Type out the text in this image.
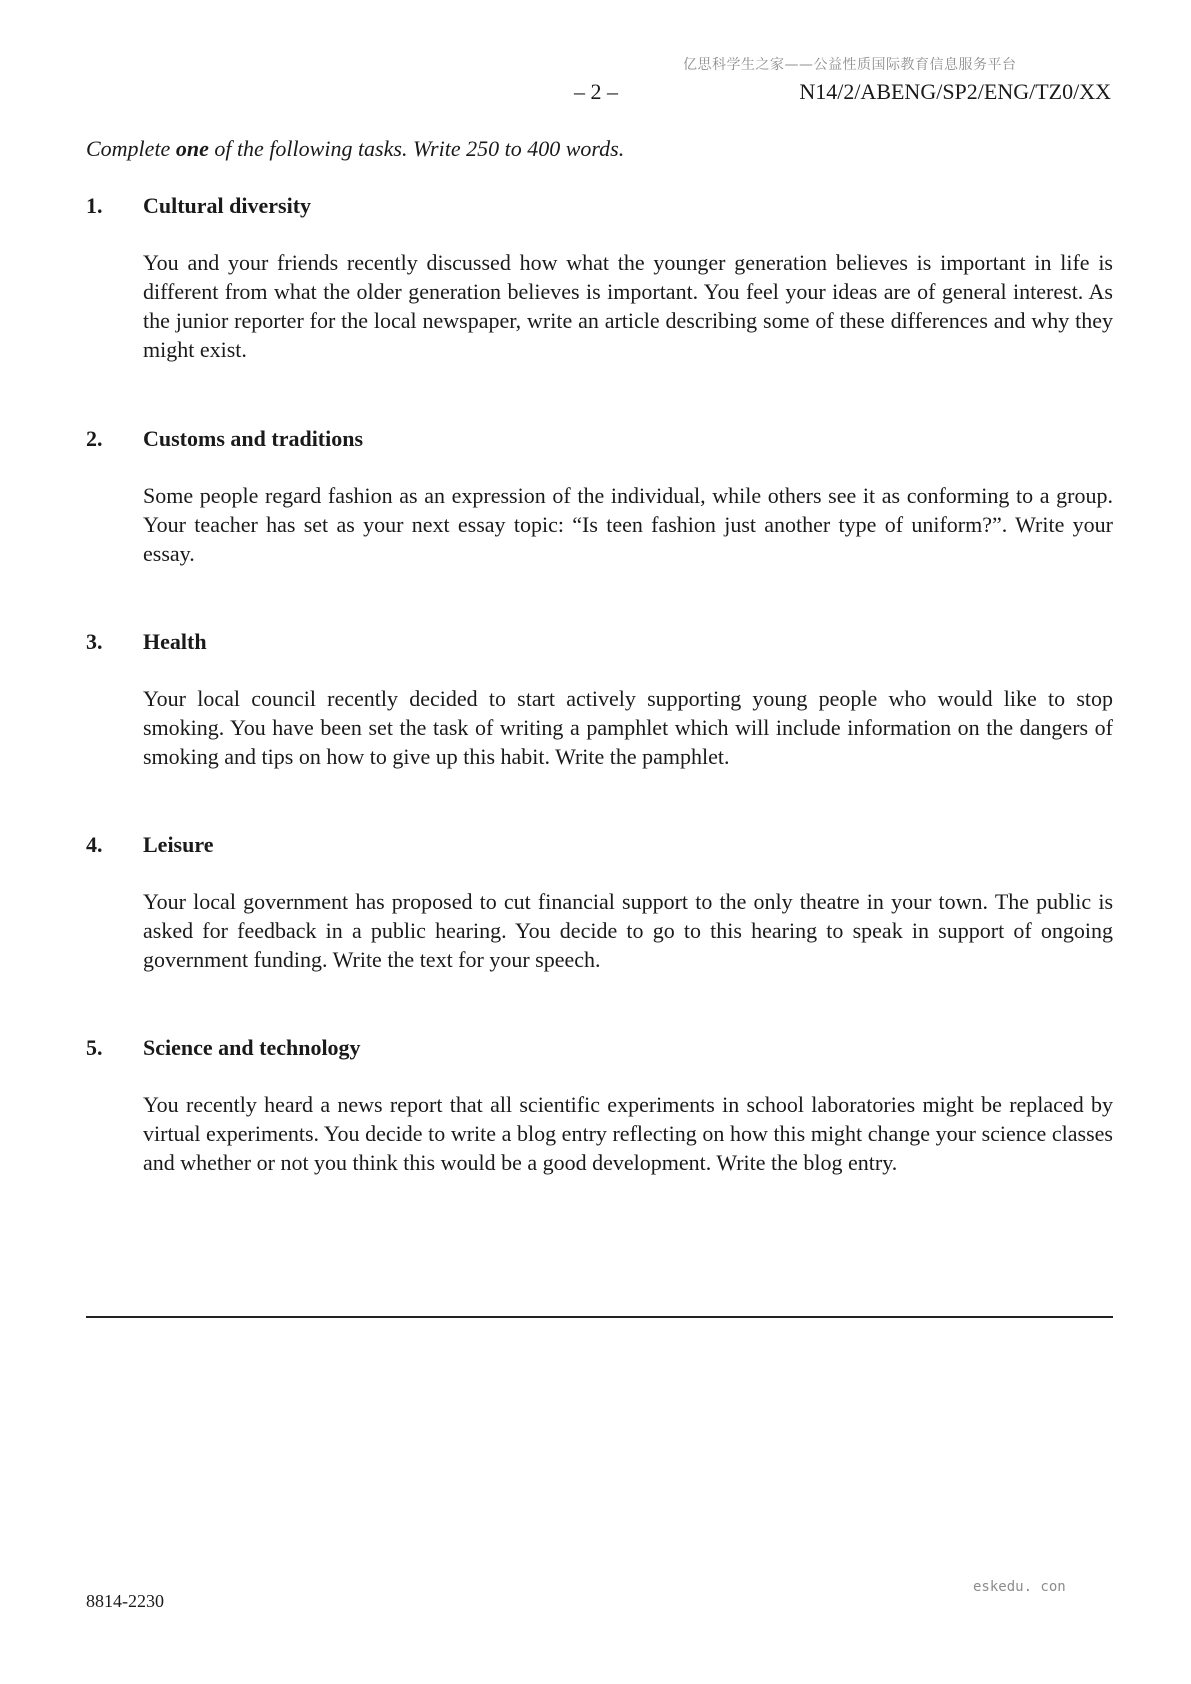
亿思科学生之家——公益性质国际教育信息服务平台
– 2 –	N14/2/ABENG/SP2/ENG/TZ0/XX
Complete one of the following tasks. Write 250 to 400 words.
1.	Cultural diversity
You and your friends recently discussed how what the younger generation believes is important in life is different from what the older generation believes is important. You feel your ideas are of general interest. As the junior reporter for the local newspaper, write an article describing some of these differences and why they might exist.
2.	Customs and traditions
Some people regard fashion as an expression of the individual, while others see it as conforming to a group. Your teacher has set as your next essay topic: “Is teen fashion just another type of uniform?”. Write your essay.
3.	Health
Your local council recently decided to start actively supporting young people who would like to stop smoking. You have been set the task of writing a pamphlet which will include information on the dangers of smoking and tips on how to give up this habit. Write the pamphlet.
4.	Leisure
Your local government has proposed to cut financial support to the only theatre in your town. The public is asked for feedback in a public hearing. You decide to go to this hearing to speak in support of ongoing government funding. Write the text for your speech.
5.	Science and technology
You recently heard a news report that all scientific experiments in school laboratories might be replaced by virtual experiments. You decide to write a blog entry reflecting on how this might change your science classes and whether or not you think this would be a good development. Write the blog entry.
8814-2230
eskedu. con
